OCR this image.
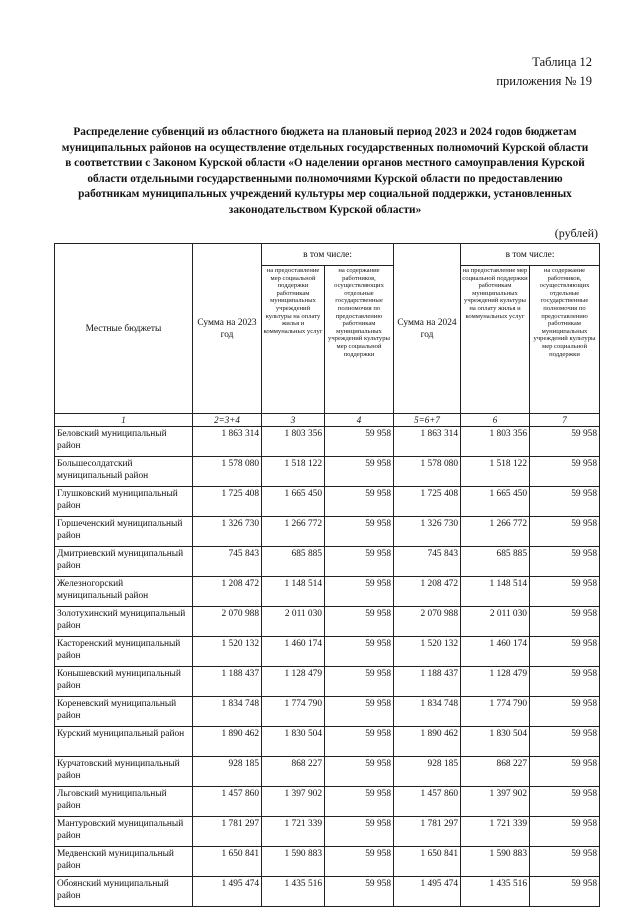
Таблица 12
приложения № 19
Распределение субвенций из областного бюджета на плановый период 2023 и 2024 годов бюджетам муниципальных районов на осуществление отдельных государственных полномочий Курской области в соответствии с Законом Курской области «О наделении органов местного самоуправления Курской области отдельными государственными полномочиями Курской области по предоставлению работникам муниципальных учреждений культуры мер социальной поддержки, установленных законодательством Курской области»
(рублей)
Местные бюджеты	Сумма на 2023 год	в том числе:		Сумма на 2024 год	в том числе:	
		на предоставление мер социальной поддержки работникам муниципальных учреждений культуры на оплату жилья и коммунальных услуг	на содержание работников, осуществляющих отдельные государственные полномочия по предоставлению работникам муниципальных учреждений культуры мер социальной поддержки		на предоставление мер социальной поддержки работникам муниципальных учреждений культуры на оплату жилья и коммунальных услуг	на содержание работников, осуществляющих отдельные государственные полномочия по предоставлению работникам муниципальных учреждений культуры мер социальной поддержки
1	2=3+4	3	4	5=6+7	6	7
Беловский муниципальный район	1 863 314	1 803 356	59 958	1 863 314	1 803 356	59 958
Большесолдатский муниципальный район	1 578 080	1 518 122	59 958	1 578 080	1 518 122	59 958
Глушковский муниципальный район	1 725 408	1 665 450	59 958	1 725 408	1 665 450	59 958
Горшеченский муниципальный район	1 326 730	1 266 772	59 958	1 326 730	1 266 772	59 958
Дмитриевский муниципальный район	745 843	685 885	59 958	745 843	685 885	59 958
Железногорский муниципальный район	1 208 472	1 148 514	59 958	1 208 472	1 148 514	59 958
Золотухинский муниципальный район	2 070 988	2 011 030	59 958	2 070 988	2 011 030	59 958
Касторенский муниципальный район	1 520 132	1 460 174	59 958	1 520 132	1 460 174	59 958
Конышевский муниципальный район	1 188 437	1 128 479	59 958	1 188 437	1 128 479	59 958
Кореневский муниципальный район	1 834 748	1 774 790	59 958	1 834 748	1 774 790	59 958
Курский муниципальный район	1 890 462	1 830 504	59 958	1 890 462	1 830 504	59 958
Курчатовский муниципальный район	928 185	868 227	59 958	928 185	868 227	59 958
Льговский муниципальный район	1 457 860	1 397 902	59 958	1 457 860	1 397 902	59 958
Мантуровский муниципальный район	1 781 297	1 721 339	59 958	1 781 297	1 721 339	59 958
Медвенский муниципальный район	1 650 841	1 590 883	59 958	1 650 841	1 590 883	59 958
Обоянский муниципальный район	1 495 474	1 435 516	59 958	1 495 474	1 435 516	59 958
